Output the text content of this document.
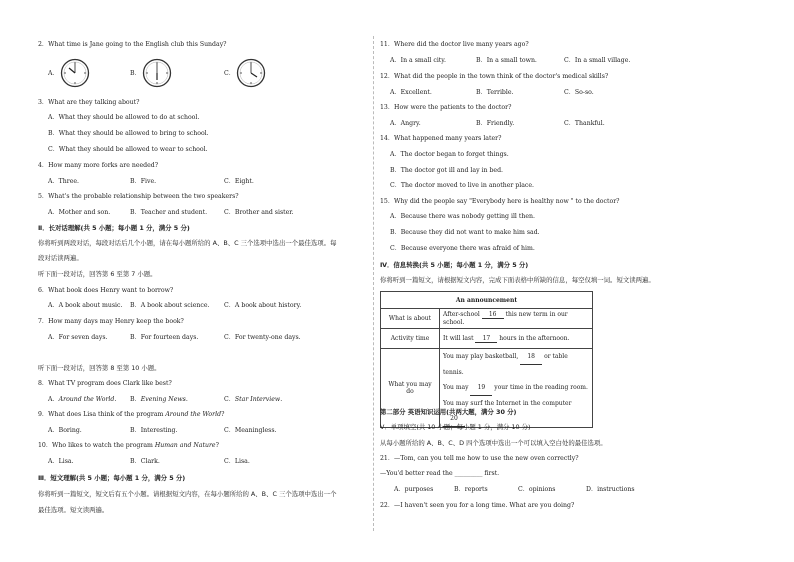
2．What time is Jane going to the English club this Sunday?
A．	B．	C．
3．What are they talking about?
A．What they should be allowed to do at school.
B．What they should be allowed to bring to school.
C．What they should be allowed to wear to school.
4．How many more forks are needed?
A．Three.	B．Five.	C．Eight.
5．What's the probable relationship between the two speakers?
A．Mother and son.	B．Teacher and student.	C．Brother and sister.
Ⅱ．长对话理解(共 5 小题；每小题 1 分，满分 5 分)
你将听到两段对话，每段对话后几个小题，请在每小题所给的 A、B、C 三个选项中选出一个最佳选项。每
段对话读两遍。
听下面一段对话，回答第 6 至第 7 小题。
6．What book does Henry want to borrow?
A．A book about music. B．A book about science. C．A book about history.
7．How many days may Henry keep the book?
A．For seven days.	B．For fourteen days.	C．For twenty-one days.
听下面一段对话，回答第 8 至第 10 小题。
8．What TV program does Clark like best?
A．Around the World. B．Evening News.	C．Star Interview.
9．What does Lisa think of the program Around the World?
A．Boring.	B．Interesting.	C．Meaningless.
10．Who likes to watch the program Human and Nature?
A．Lisa.	B．Clark.	C．Lisa.
Ⅲ．短文理解(共 5 小题；每小题 1 分，满分 5 分)
你将听到一篇短文，短文后有五个小题。请根据短文内容，在每小题所给的 A、B、C 三个选项中选出一个
最佳选项。短文读两遍。
11．Where did the doctor live many years ago?
A．In a small city.	B．In a small town.	C．In a small village.
12．What did the people in the town think of the doctor's medical skills?
A．Excellent.	B．Terrible.	C．So-so.
13．How were the patients to the doctor?
A．Angry.	B．Friendly.	C．Thankful.
14．What happened many years later?
A．The doctor began to forget things.
B．The doctor got ill and lay in bed.
C．The doctor moved to live in another place.
15．Why did the people say "Everybody here is healthy now " to the doctor?
A．Because there was nobody getting ill then.
B．Because they did not want to make him sad.
C．Because everyone there was afraid of him.
Ⅳ．信息转换(共 5 小题；每小题 1 分，满分 5 分)
你将听到一篇短文，请根据短文内容，完成下面表格中所缺的信息，每空仅填一词。短文读两遍。
An announcement	
What is about	After-school 16 this new term in our school.
Activity time	It will last 17 hours in the afternoon.
What you may do	You may play basketball, 18 or table tennis.
You may 19 your time in the reading room.
You may surf the Internet in the computer 20
第二部分 英语知识运用(共两大题，满分 30 分)
Ⅴ．单项填空(共 10 小题；每小题 1 分，满分 10 分)
从每小题所给的 A、B、C、D 四个选项中选出一个可以填入空白处的最佳选项。
21．—Tom, can you tell me how to use the new oven correctly?
—You'd better read the _________ first.
A．purposes	B．reports	C．opinions	D．instructions
22．—I haven't seen you for a long time. What are you doing?
